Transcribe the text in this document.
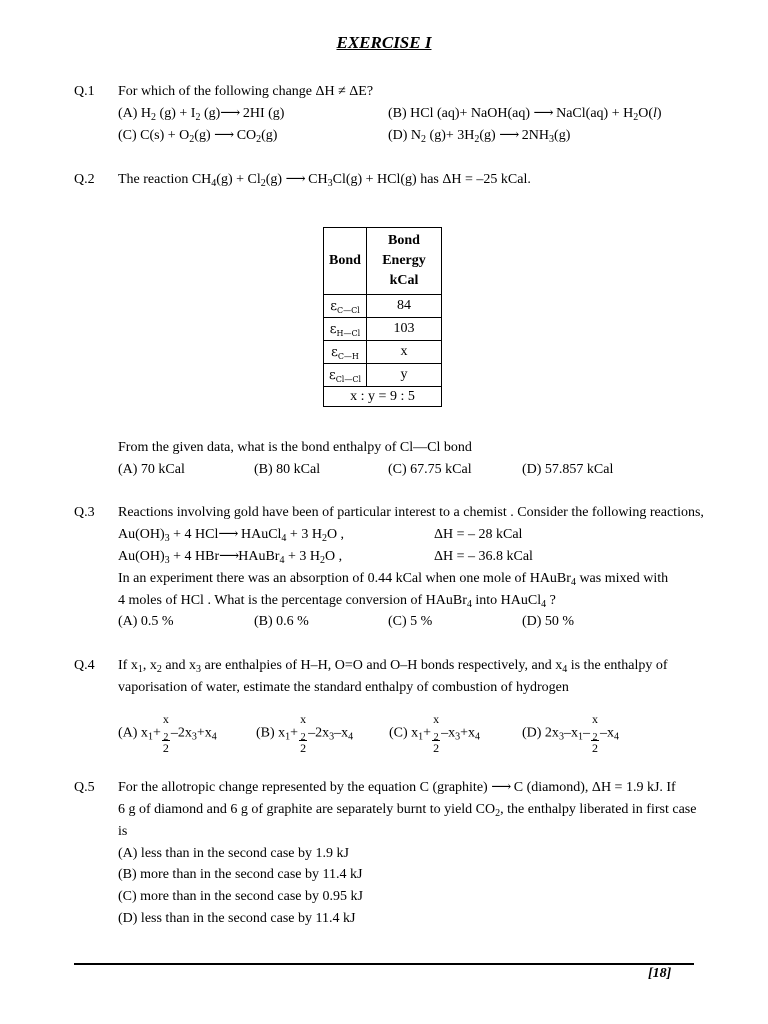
EXERCISE I
Q.1 For which of the following change ΔH ≠ ΔE?
(A) $H_2$ $(g) + I_2$ (g)⟶ 2HI (g)	(B) HCl (aq)+ NaOH(aq) ⟶ NaCl(aq) + $H_2O(l)$
(C) $C(s) + O_2(g)$ ⟶ $CO_2(g)$	(D) $N_2$ $(g)+ 3H_2(g)$ ⟶ $2NH_3(g)$
Q.2 The reaction $CH_4(g) + Cl_2(g)$ ⟶ $CH_3Cl(g) + HCl(g)$ has ΔH = –25 kCal.
Bond	Bond
Energy
kCal

$\varepsilon_{C—Cl}$	84
$\varepsilon_{H—Cl}$	103
$\varepsilon_{C—H}$	x
$\varepsilon_{Cl—Cl}$	y
x : y = 9 : 5	
From the given data, what is the bond enthalpy of Cl—Cl bond
(A) 70 kCal	(B) 80 kCal	(C) 67.75 kCal	(D) 57.857 kCal
Q.3 Reactions involving gold have been of particular interest to a chemist . Consider the following reactions,
$Au(OH)_3 + 4$ HCl⟶ HAuCl$_4$ + 3 $H_2O$ ,	ΔH = – 28 kCal
$Au(OH)_3 + 4$ HBr⟶HAuBr$_4$ + 3 $H_2O$ ,	ΔH = – 36.8 kCal
In an experiment there was an absorption of 0.44 kCal when one mole of HAuBr$_4$ was mixed with
4 moles of HCl . What is the percentage conversion of HAuBr$_4$ into HAuCl$_4$ ?
(A) 0.5 %	(B) 0.6 %	(C) 5 %	(D) 50 %
Q.4 If $x_1$, $x_2$ and $x_3$ are enthalpies of H–H, O=O and O–H bonds respectively, and $x_4$ is the enthalpy of
vaporisation of water, estimate the standard enthalpy of combustion of hydrogen
(A) $x_1+ x$
$_2$
2 $-2x_3+x_4$	(B) $x_1+ x$
$_2$
2 $-2x_3-x_4$	(C) $x_1+ x$
$_2$
2 $-x_3+x_4$	(D) $2x_3-x_1-$ x
$_2$
2 $-x_4$
Q.5 For the allotropic change represented by the equation C (graphite) ⟶ C (diamond), ΔH = 1.9 kJ. If
6 g of diamond and 6 g of graphite are separately burnt to yield $CO_2$, the enthalpy liberated in first case
is
(A) less than in the second case by 1.9 kJ
(B) more than in the second case by 11.4 kJ
(C) more than in the second case by 0.95 kJ
(D) less than in the second case by 11.4 kJ
[18]
